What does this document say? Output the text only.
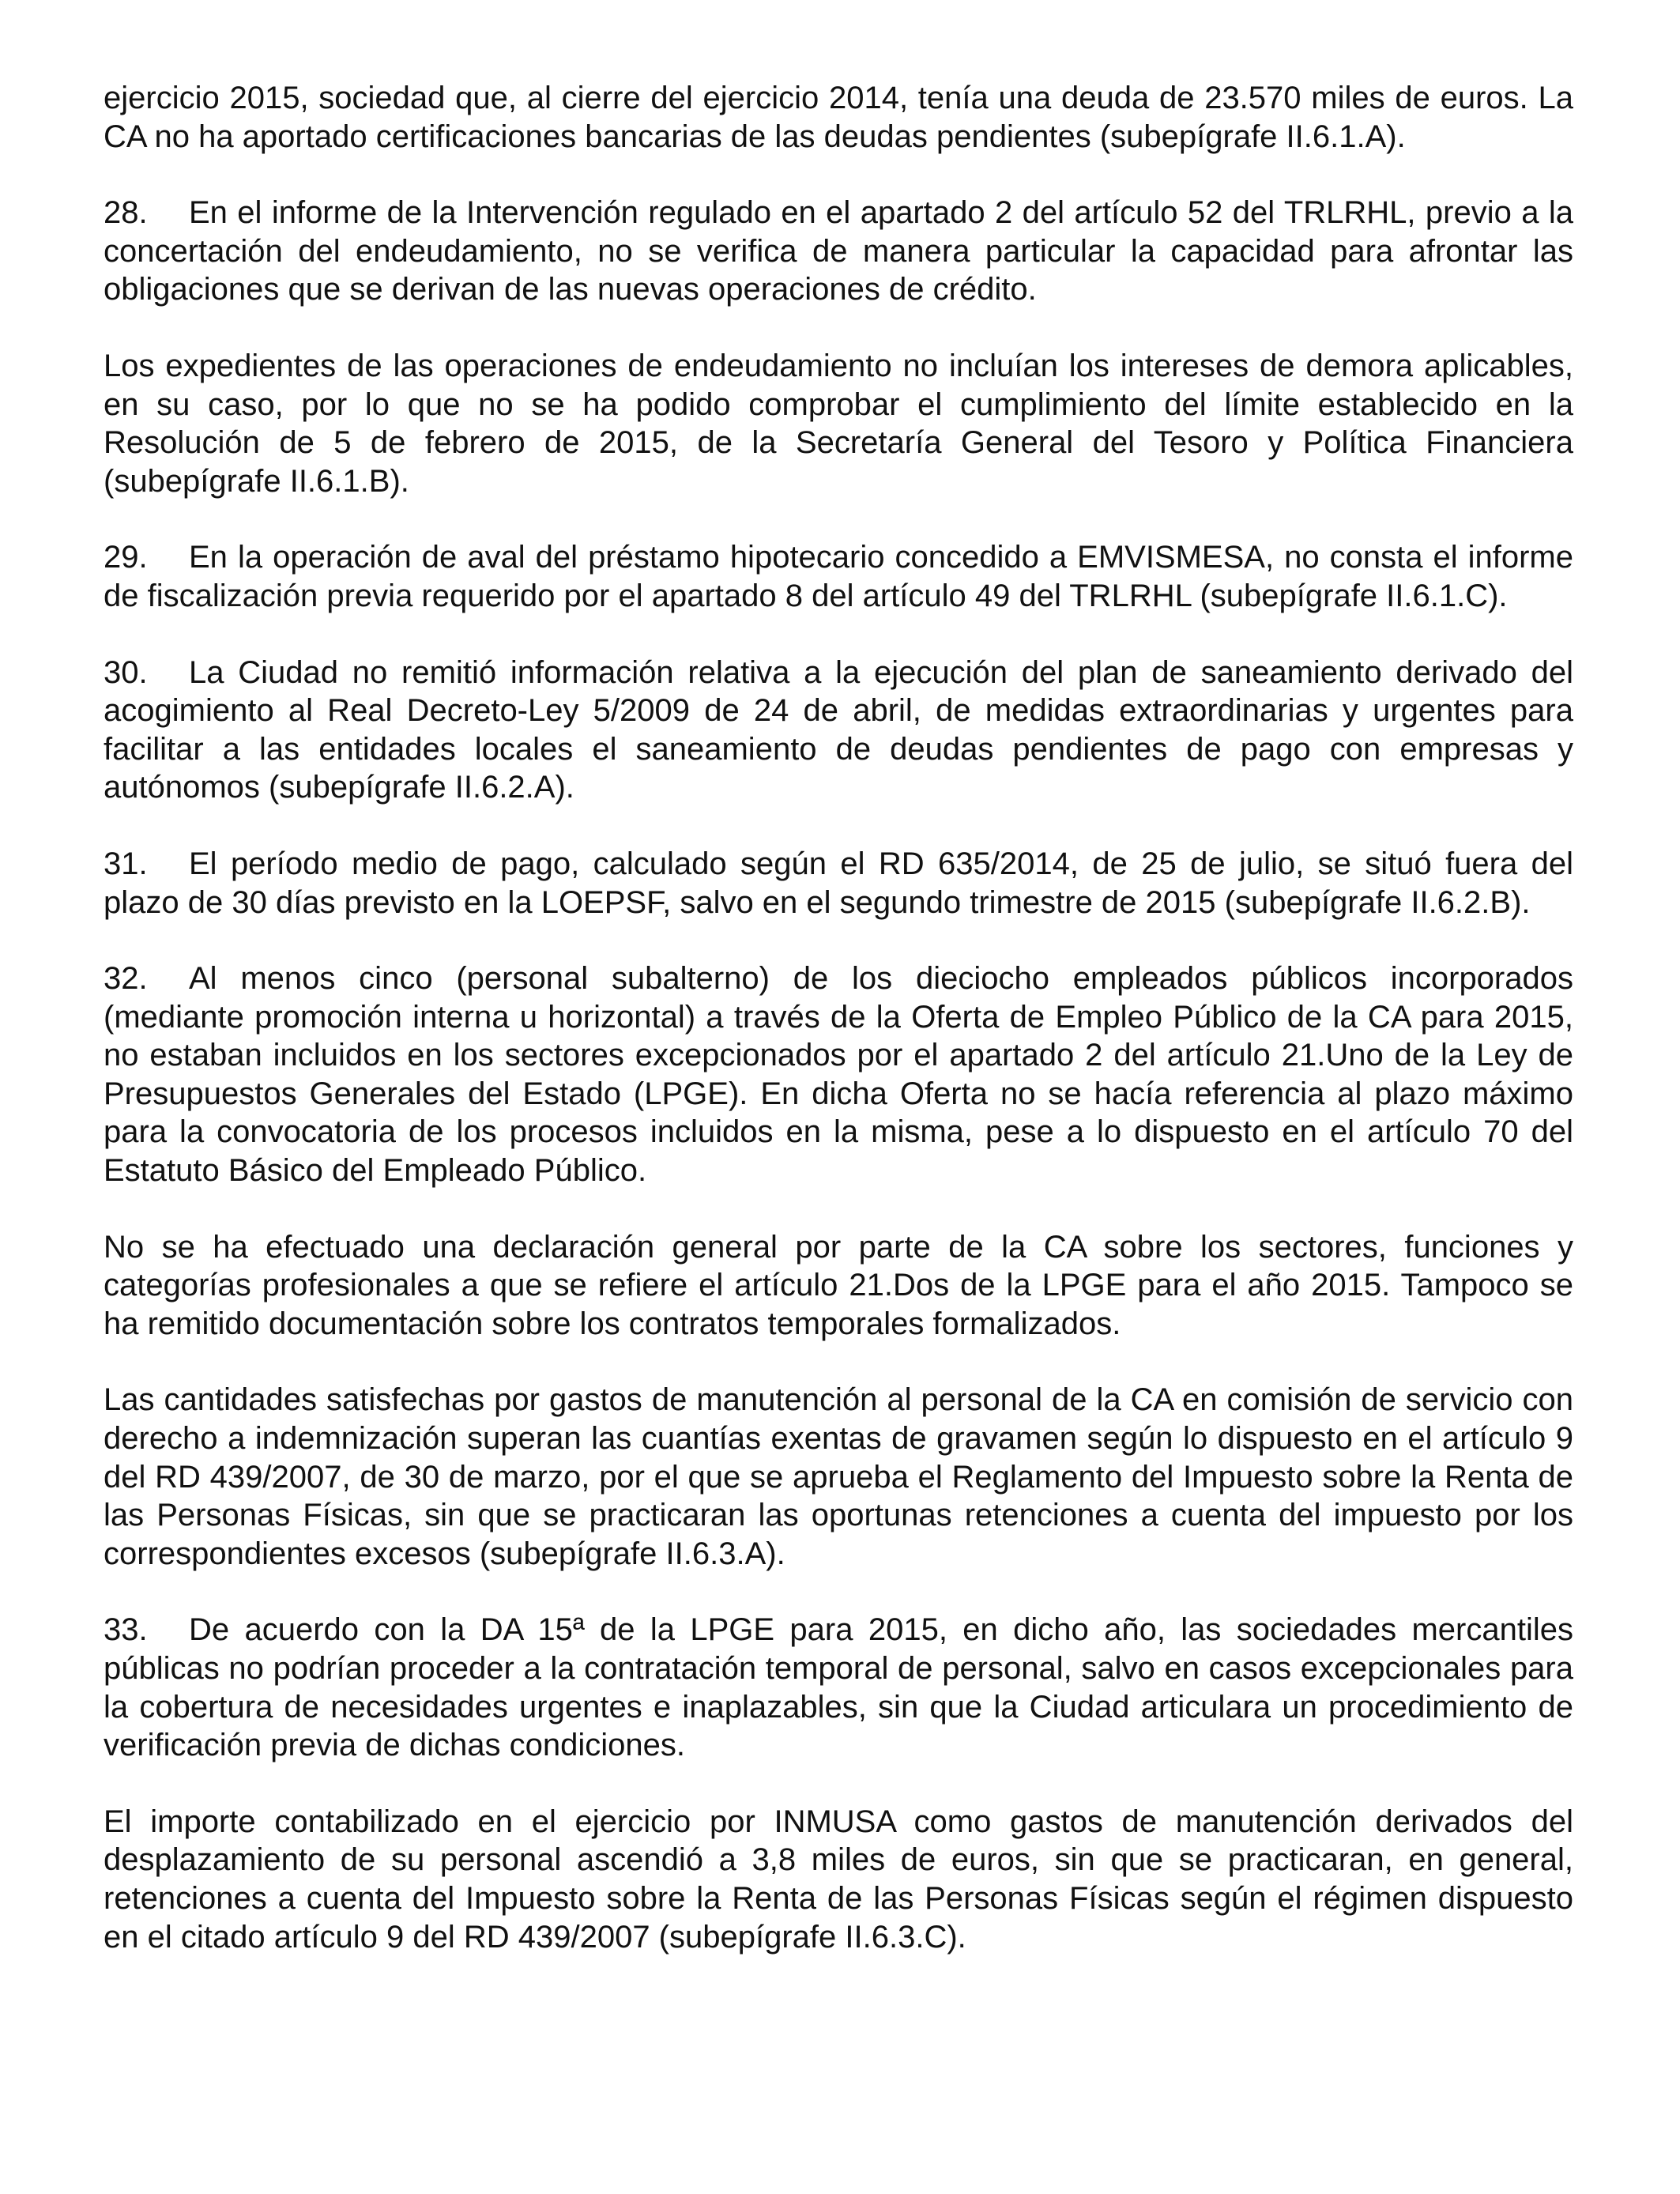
ejercicio 2015, sociedad que, al cierre del ejercicio 2014, tenía una deuda de 23.570 miles de euros. La CA no ha aportado certificaciones bancarias de las deudas pendientes (subepígrafe II.6.1.A).

28. En el informe de la Intervención regulado en el apartado 2 del artículo 52 del TRLRHL, previo a la concertación del endeudamiento, no se verifica de manera particular la capacidad para afrontar las obligaciones que se derivan de las nuevas operaciones de crédito.

Los expedientes de las operaciones de endeudamiento no incluían los intereses de demora aplicables, en su caso, por lo que no se ha podido comprobar el cumplimiento del límite establecido en la Resolución de 5 de febrero de 2015, de la Secretaría General del Tesoro y Política Financiera (subepígrafe II.6.1.B).

29. En la operación de aval del préstamo hipotecario concedido a EMVISMESA, no consta el informe de fiscalización previa requerido por el apartado 8 del artículo 49 del TRLRHL (subepígrafe II.6.1.C).

30. La Ciudad no remitió información relativa a la ejecución del plan de saneamiento derivado del acogimiento al Real Decreto-Ley 5/2009 de 24 de abril, de medidas extraordinarias y urgentes para facilitar a las entidades locales el saneamiento de deudas pendientes de pago con empresas y autónomos (subepígrafe II.6.2.A).

31. El período medio de pago, calculado según el RD 635/2014, de 25 de julio, se situó fuera del plazo de 30 días previsto en la LOEPSF, salvo en el segundo trimestre de 2015 (subepígrafe II.6.2.B).

32. Al menos cinco (personal subalterno) de los dieciocho empleados públicos incorporados (mediante promoción interna u horizontal) a través de la Oferta de Empleo Público de la CA para 2015, no estaban incluidos en los sectores excepcionados por el apartado 2 del artículo 21.Uno de la Ley de Presupuestos Generales del Estado (LPGE). En dicha Oferta no se hacía referencia al plazo máximo para la convocatoria de los procesos incluidos en la misma, pese a lo dispuesto en el artículo 70 del Estatuto Básico del Empleado Público.

No se ha efectuado una declaración general por parte de la CA sobre los sectores, funciones y categorías profesionales a que se refiere el artículo 21.Dos de la LPGE para el año 2015. Tampoco se ha remitido documentación sobre los contratos temporales formalizados.

Las cantidades satisfechas por gastos de manutención al personal de la CA en comisión de servicio con derecho a indemnización superan las cuantías exentas de gravamen según lo dispuesto en el artículo 9 del RD 439/2007, de 30 de marzo, por el que se aprueba el Reglamento del Impuesto sobre la Renta de las Personas Físicas, sin que se practicaran las oportunas retenciones a cuenta del impuesto por los correspondientes excesos (subepígrafe II.6.3.A).

33. De acuerdo con la DA 15ª de la LPGE para 2015, en dicho año, las sociedades mercantiles públicas no podrían proceder a la contratación temporal de personal, salvo en casos excepcionales para la cobertura de necesidades urgentes e inaplazables, sin que la Ciudad articulara un procedimiento de verificación previa de dichas condiciones.

El importe contabilizado en el ejercicio por INMUSA como gastos de manutención derivados del desplazamiento de su personal ascendió a 3,8 miles de euros, sin que se practicaran, en general, retenciones a cuenta del Impuesto sobre la Renta de las Personas Físicas según el régimen dispuesto en el citado artículo 9 del RD 439/2007 (subepígrafe II.6.3.C).
